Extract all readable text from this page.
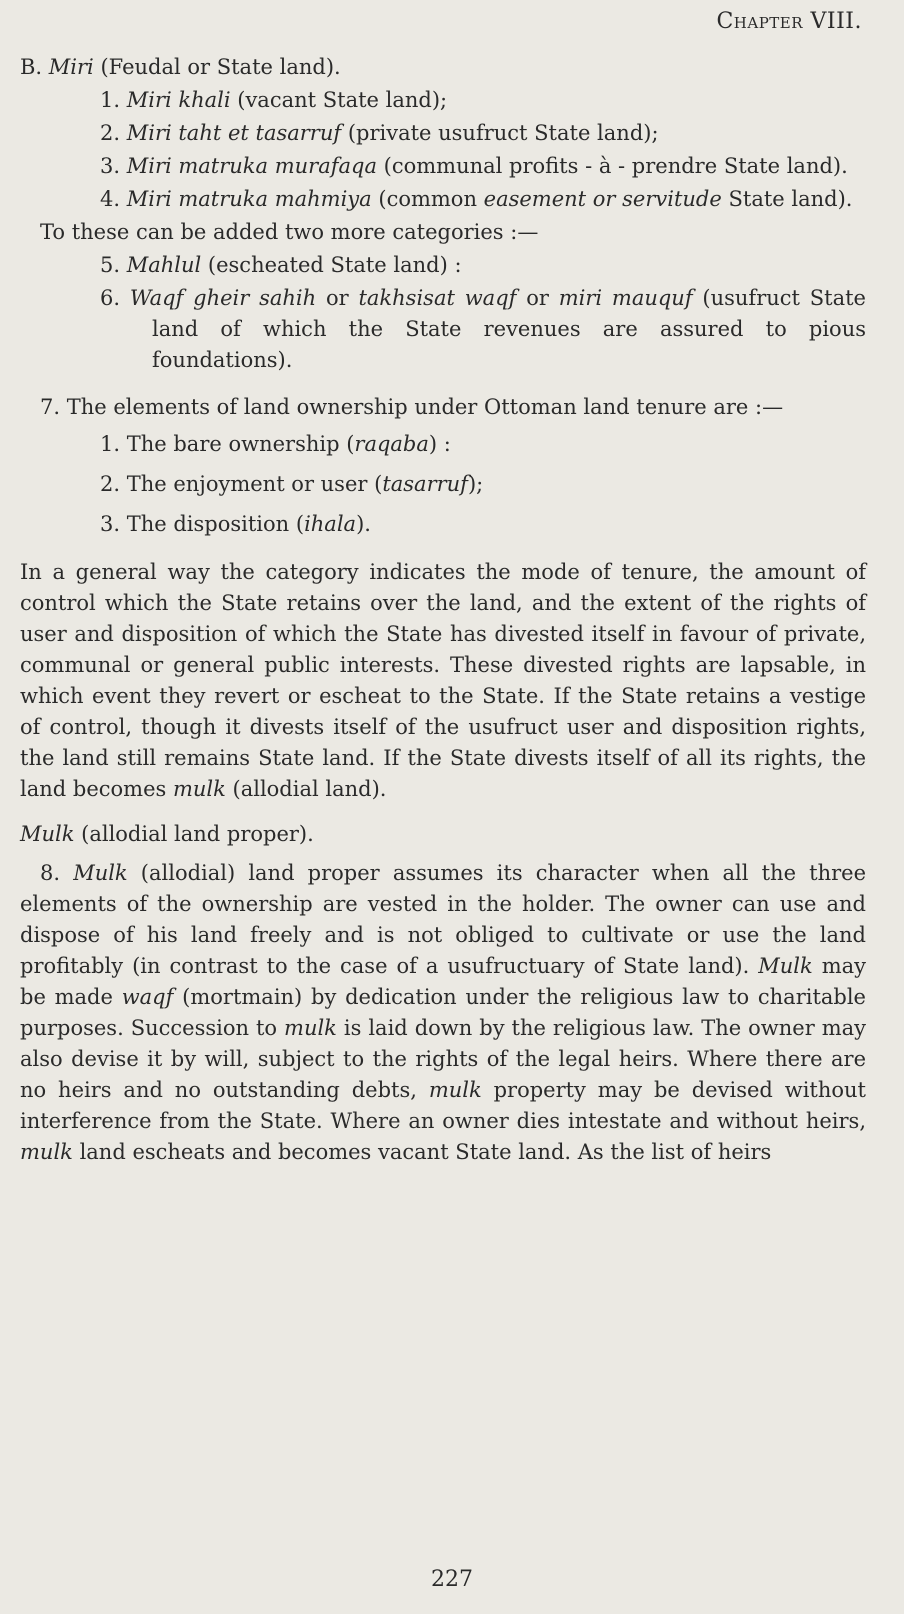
Chapter VIII.

B. Miri (Feudal or State land).

1. Miri khali (vacant State land);
2. Miri taht et tasarruf (private usufruct State land);
3. Miri matruka murafaqa (communal profits - à - prendre State land).
4. Miri matruka mahmiya (common easement or servitude State land).

To these can be added two more categories :—

5. Mahlul (escheated State land) :
6. Waqf gheir sahih or takhsisat waqf or miri mauquf (usufruct State land of which the State revenues are assured to pious foundations).

7. The elements of land ownership under Ottoman land tenure are :—

1. The bare ownership (raqaba) :
2. The enjoyment or user (tasarruf);
3. The disposition (ihala).

In a general way the category indicates the mode of tenure, the amount of control which the State retains over the land, and the extent of the rights of user and disposition of which the State has divested itself in favour of private, communal or general public interests. These divested rights are lapsable, in which event they revert or escheat to the State. If the State retains a vestige of control, though it divests itself of the usufruct user and disposition rights, the land still remains State land. If the State divests itself of all its rights, the land becomes mulk (allodial land).

Mulk (allodial land proper).

8. Mulk (allodial) land proper assumes its character when all the three elements of the ownership are vested in the holder. The owner can use and dispose of his land freely and is not obliged to cultivate or use the land profitably (in contrast to the case of a usufructuary of State land). Mulk may be made waqf (mortmain) by dedication under the religious law to charitable purposes. Succession to mulk is laid down by the religious law. The owner may also devise it by will, subject to the rights of the legal heirs. Where there are no heirs and no outstanding debts, mulk property may be devised without interference from the State. Where an owner dies intestate and without heirs, mulk land escheats and becomes vacant State land. As the list of heirs

227
